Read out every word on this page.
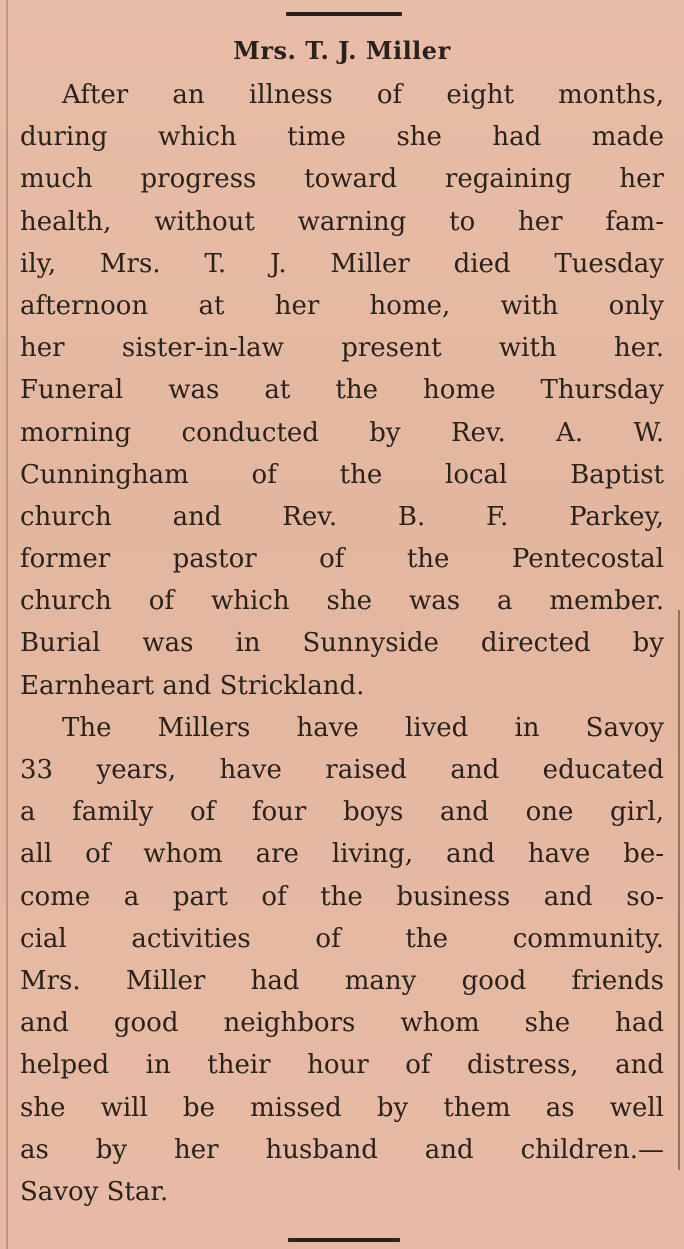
Mrs. T. J. Miller
After an illness of eight months,
during which time she had made
much progress toward regaining her
health, without warning to her fam-
ily, Mrs. T. J. Miller died Tuesday
afternoon at her home, with only
her sister-in-law present with her.
Funeral was at the home Thursday
morning conducted by Rev. A. W.
Cunningham of the local Baptist
church and Rev. B. F. Parkey,
former pastor of the Pentecostal
church of which she was a member.
Burial was in Sunnyside directed by
Earnheart and Strickland.
The Millers have lived in Savoy
33 years, have raised and educated
a family of four boys and one girl,
all of whom are living, and have be-
come a part of the business and so-
cial activities of the community.
Mrs. Miller had many good friends
and good neighbors whom she had
helped in their hour of distress, and
she will be missed by them as well
as by her husband and children.—
Savoy Star.
